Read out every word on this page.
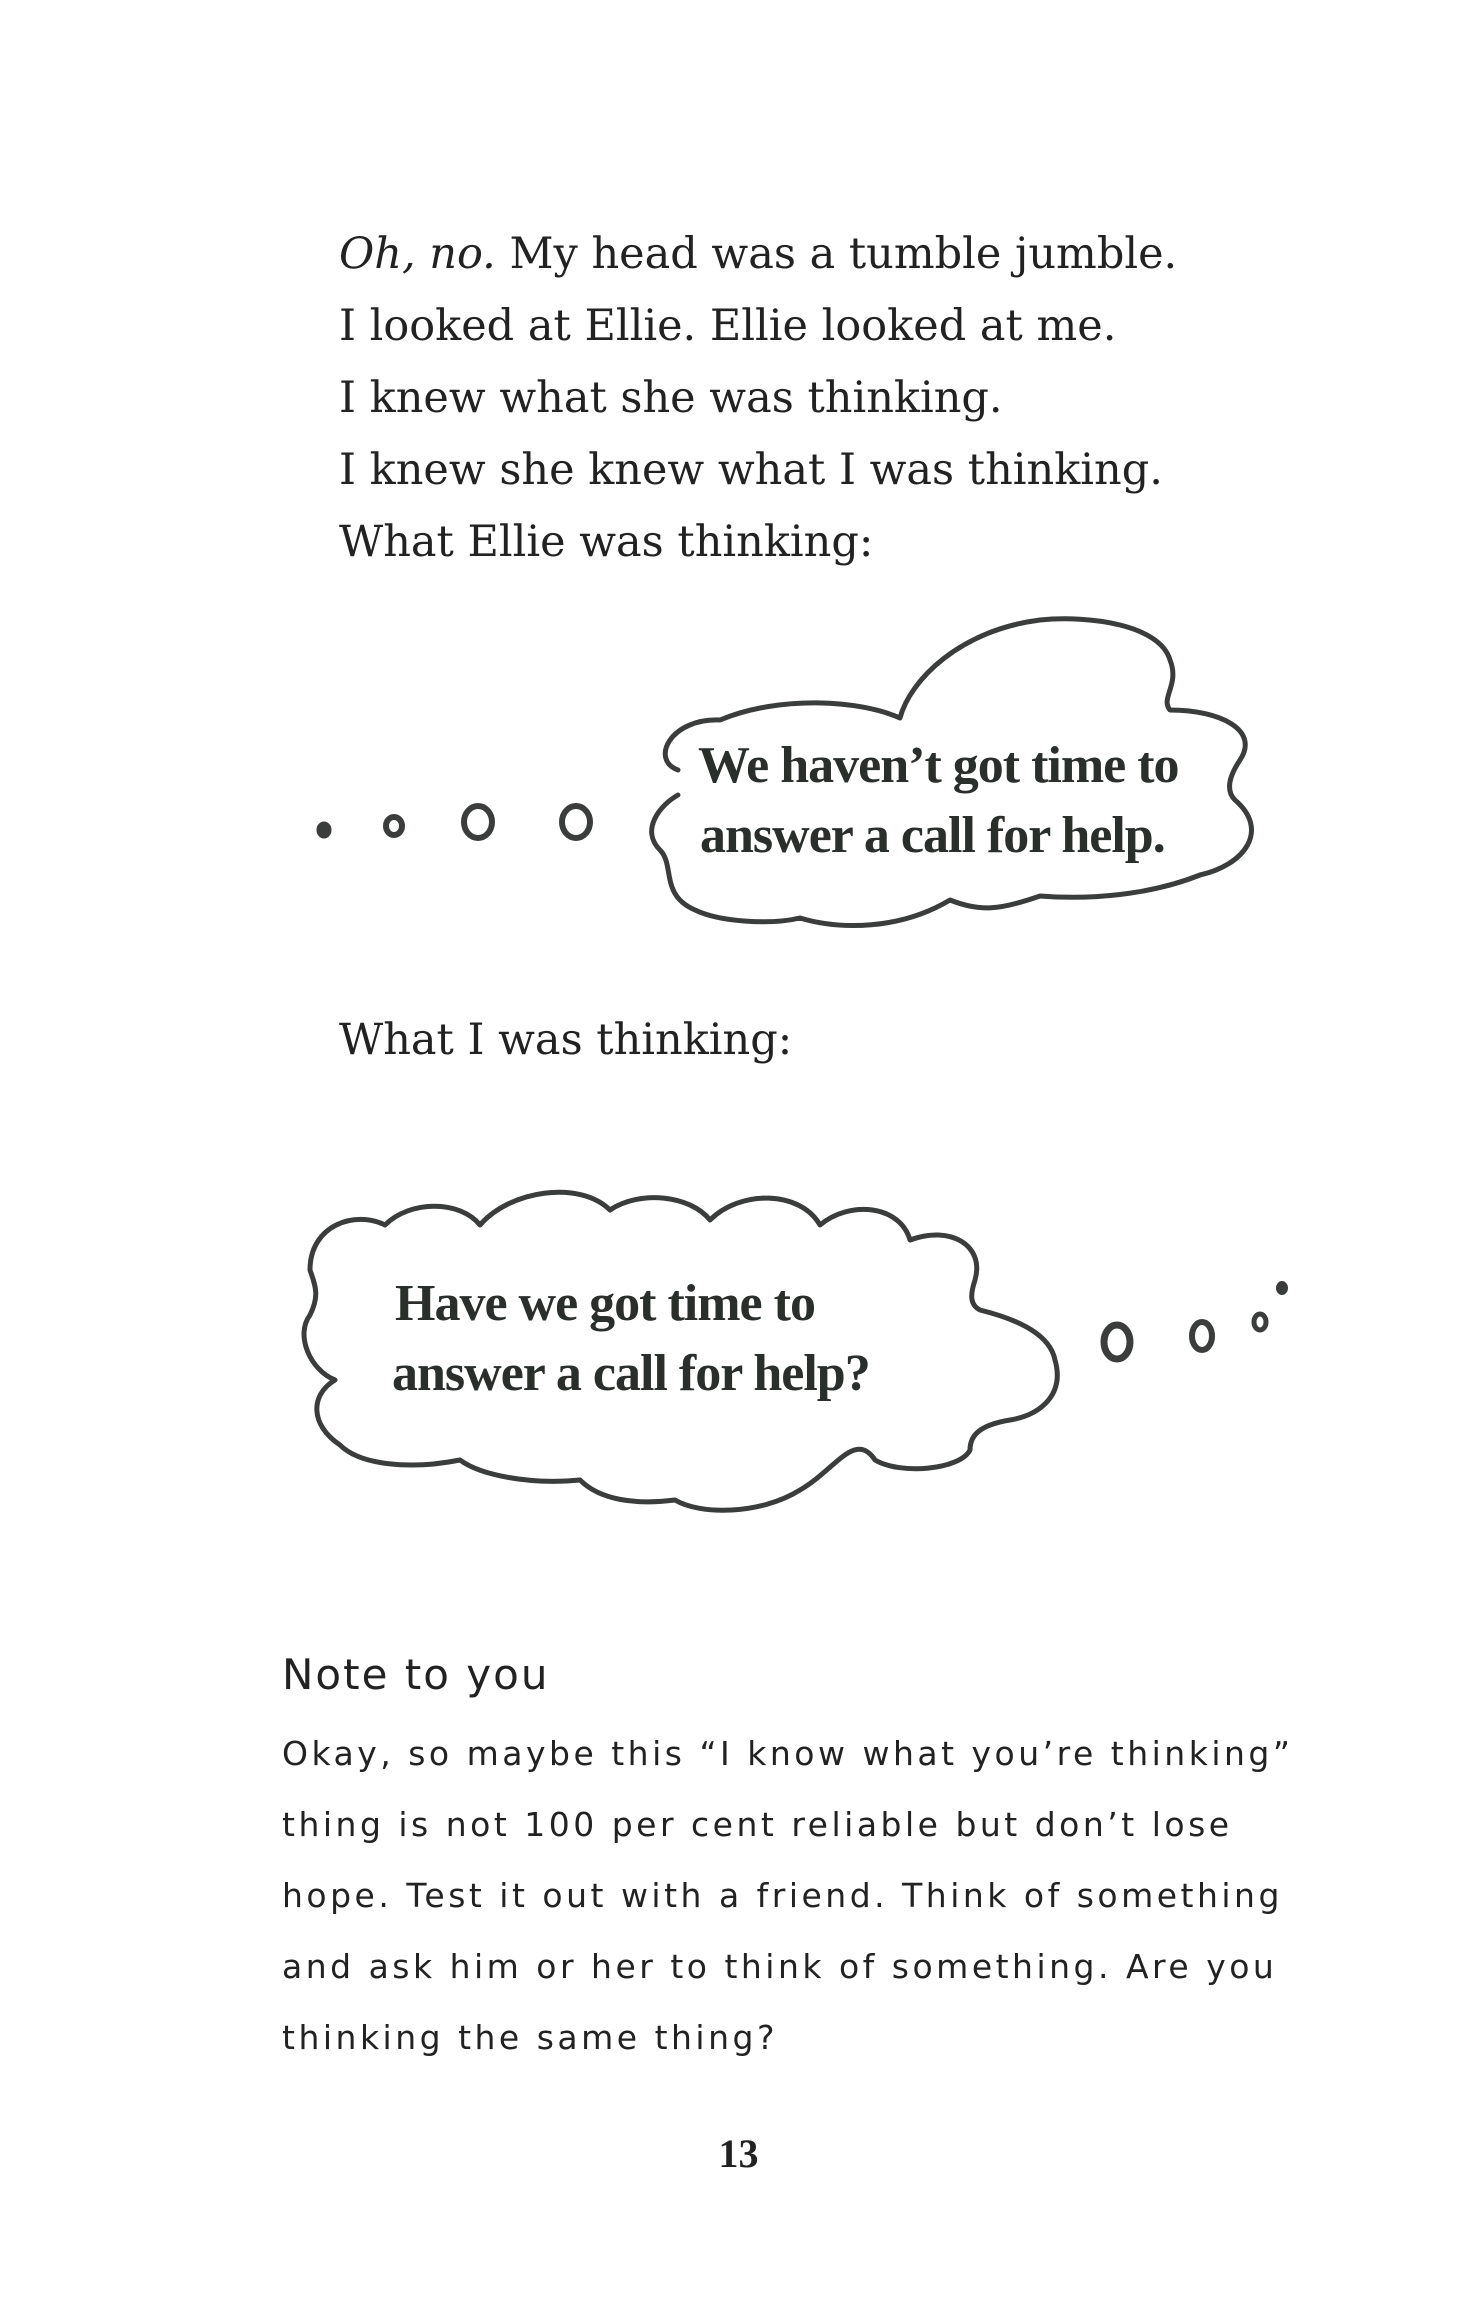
Oh, no. My head was a tumble jumble.
I looked at Ellie. Ellie looked at me.
I knew what she was thinking.
I knew she knew what I was thinking.
What Ellie was thinking:
We haven’t got time to
answer a call for help.
What I was thinking:
Have we got time to
answer a call for help?
Note to you
Okay, so maybe this “I know what you’re thinking”
thing is not 100 per cent reliable but don’t lose
hope. Test it out with a friend. Think of something
and ask him or her to think of something. Are you
thinking the same thing?
13
